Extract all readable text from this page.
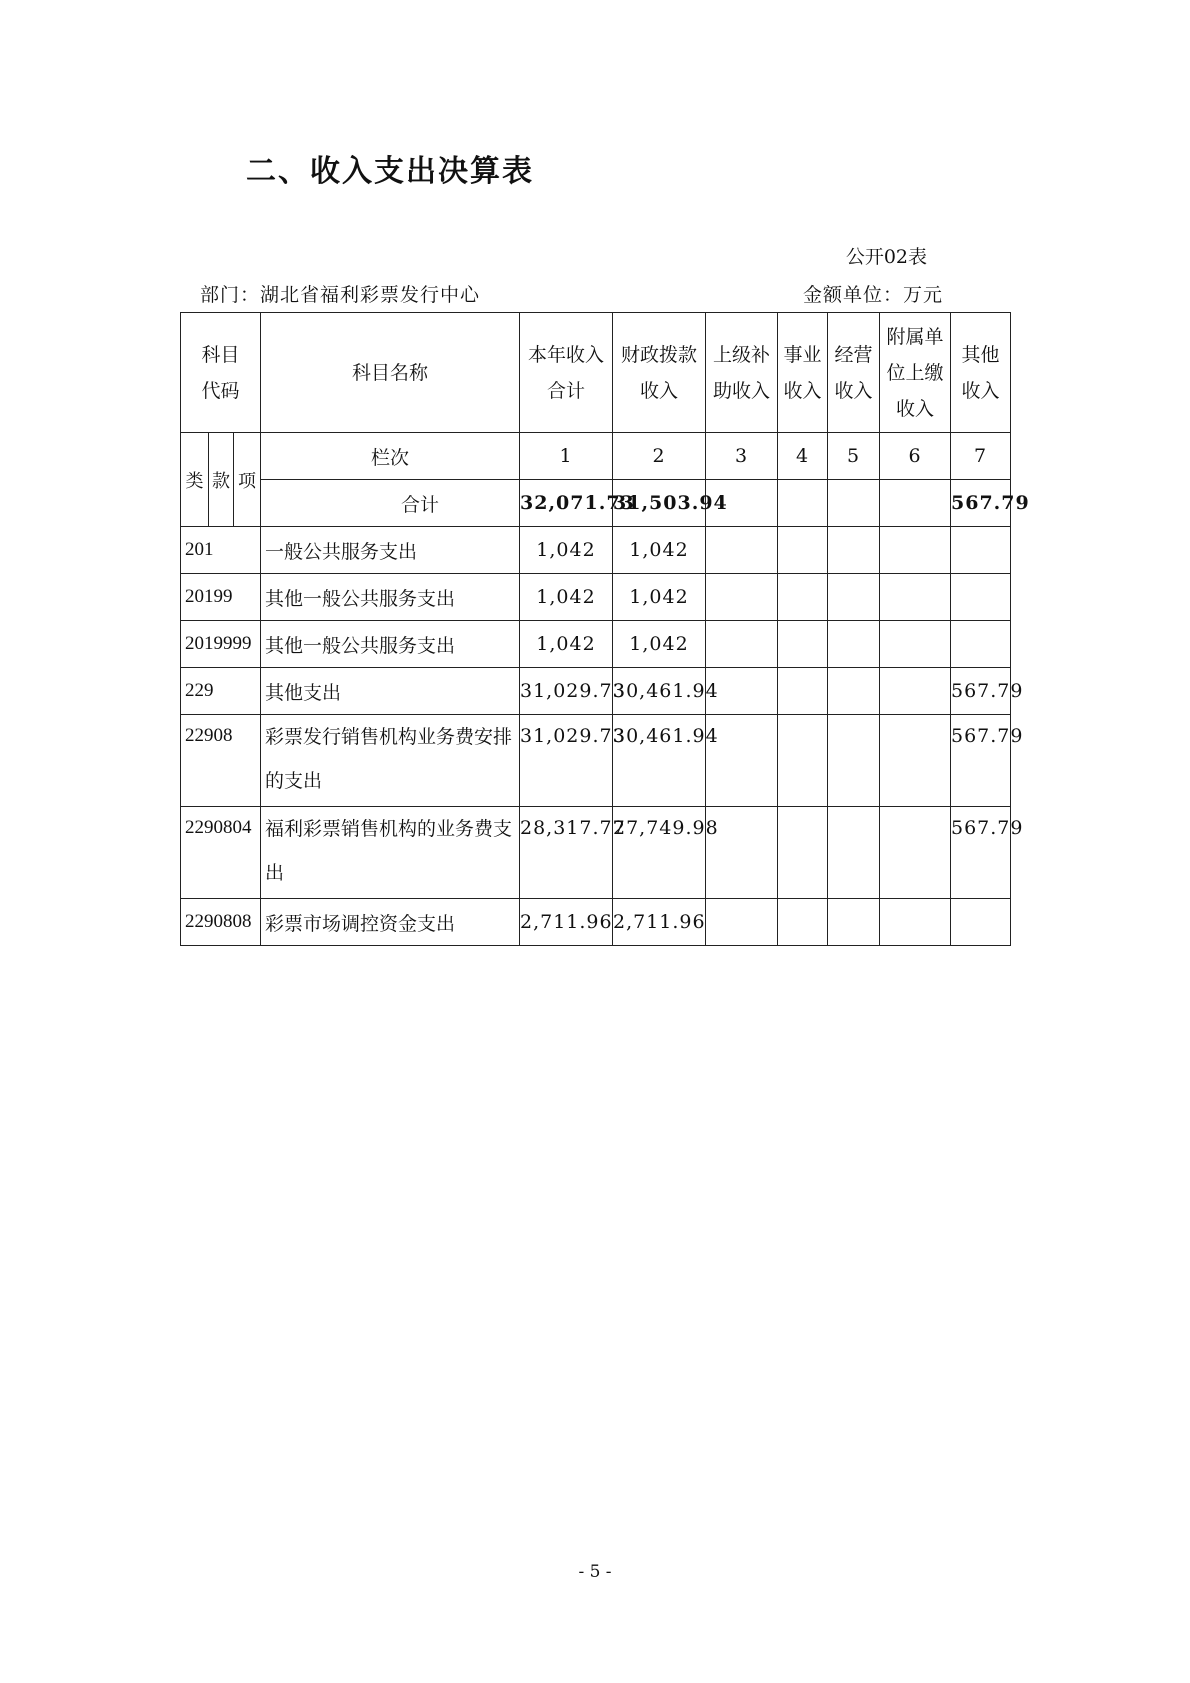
二、收入支出决算表
公开02表
部门：湖北省福利彩票发行中心	金额单位：万元
科目代码			科目名称	本年收入合计	财政拨款收入	上级补助收入	事业收入	经营收入	附属单位上缴收入	其他收入
类	款	项	栏次	1	2	3	4	5	6	7
			合计	32,071.73	31,503.94					567.79
201			一般公共服务支出	1,042	1,042					
20199			其他一般公共服务支出	1,042	1,042					
2019999			其他一般公共服务支出	1,042	1,042					
229			其他支出	31,029.73	30,461.94					567.79
22908			彩票发行销售机构业务费安排的支出	31,029.73	30,461.94					567.79
2290804			福利彩票销售机构的业务费支出	28,317.77	27,749.98					567.79
2290808			彩票市场调控资金支出	2,711.96	2,711.96					
- 5 -
